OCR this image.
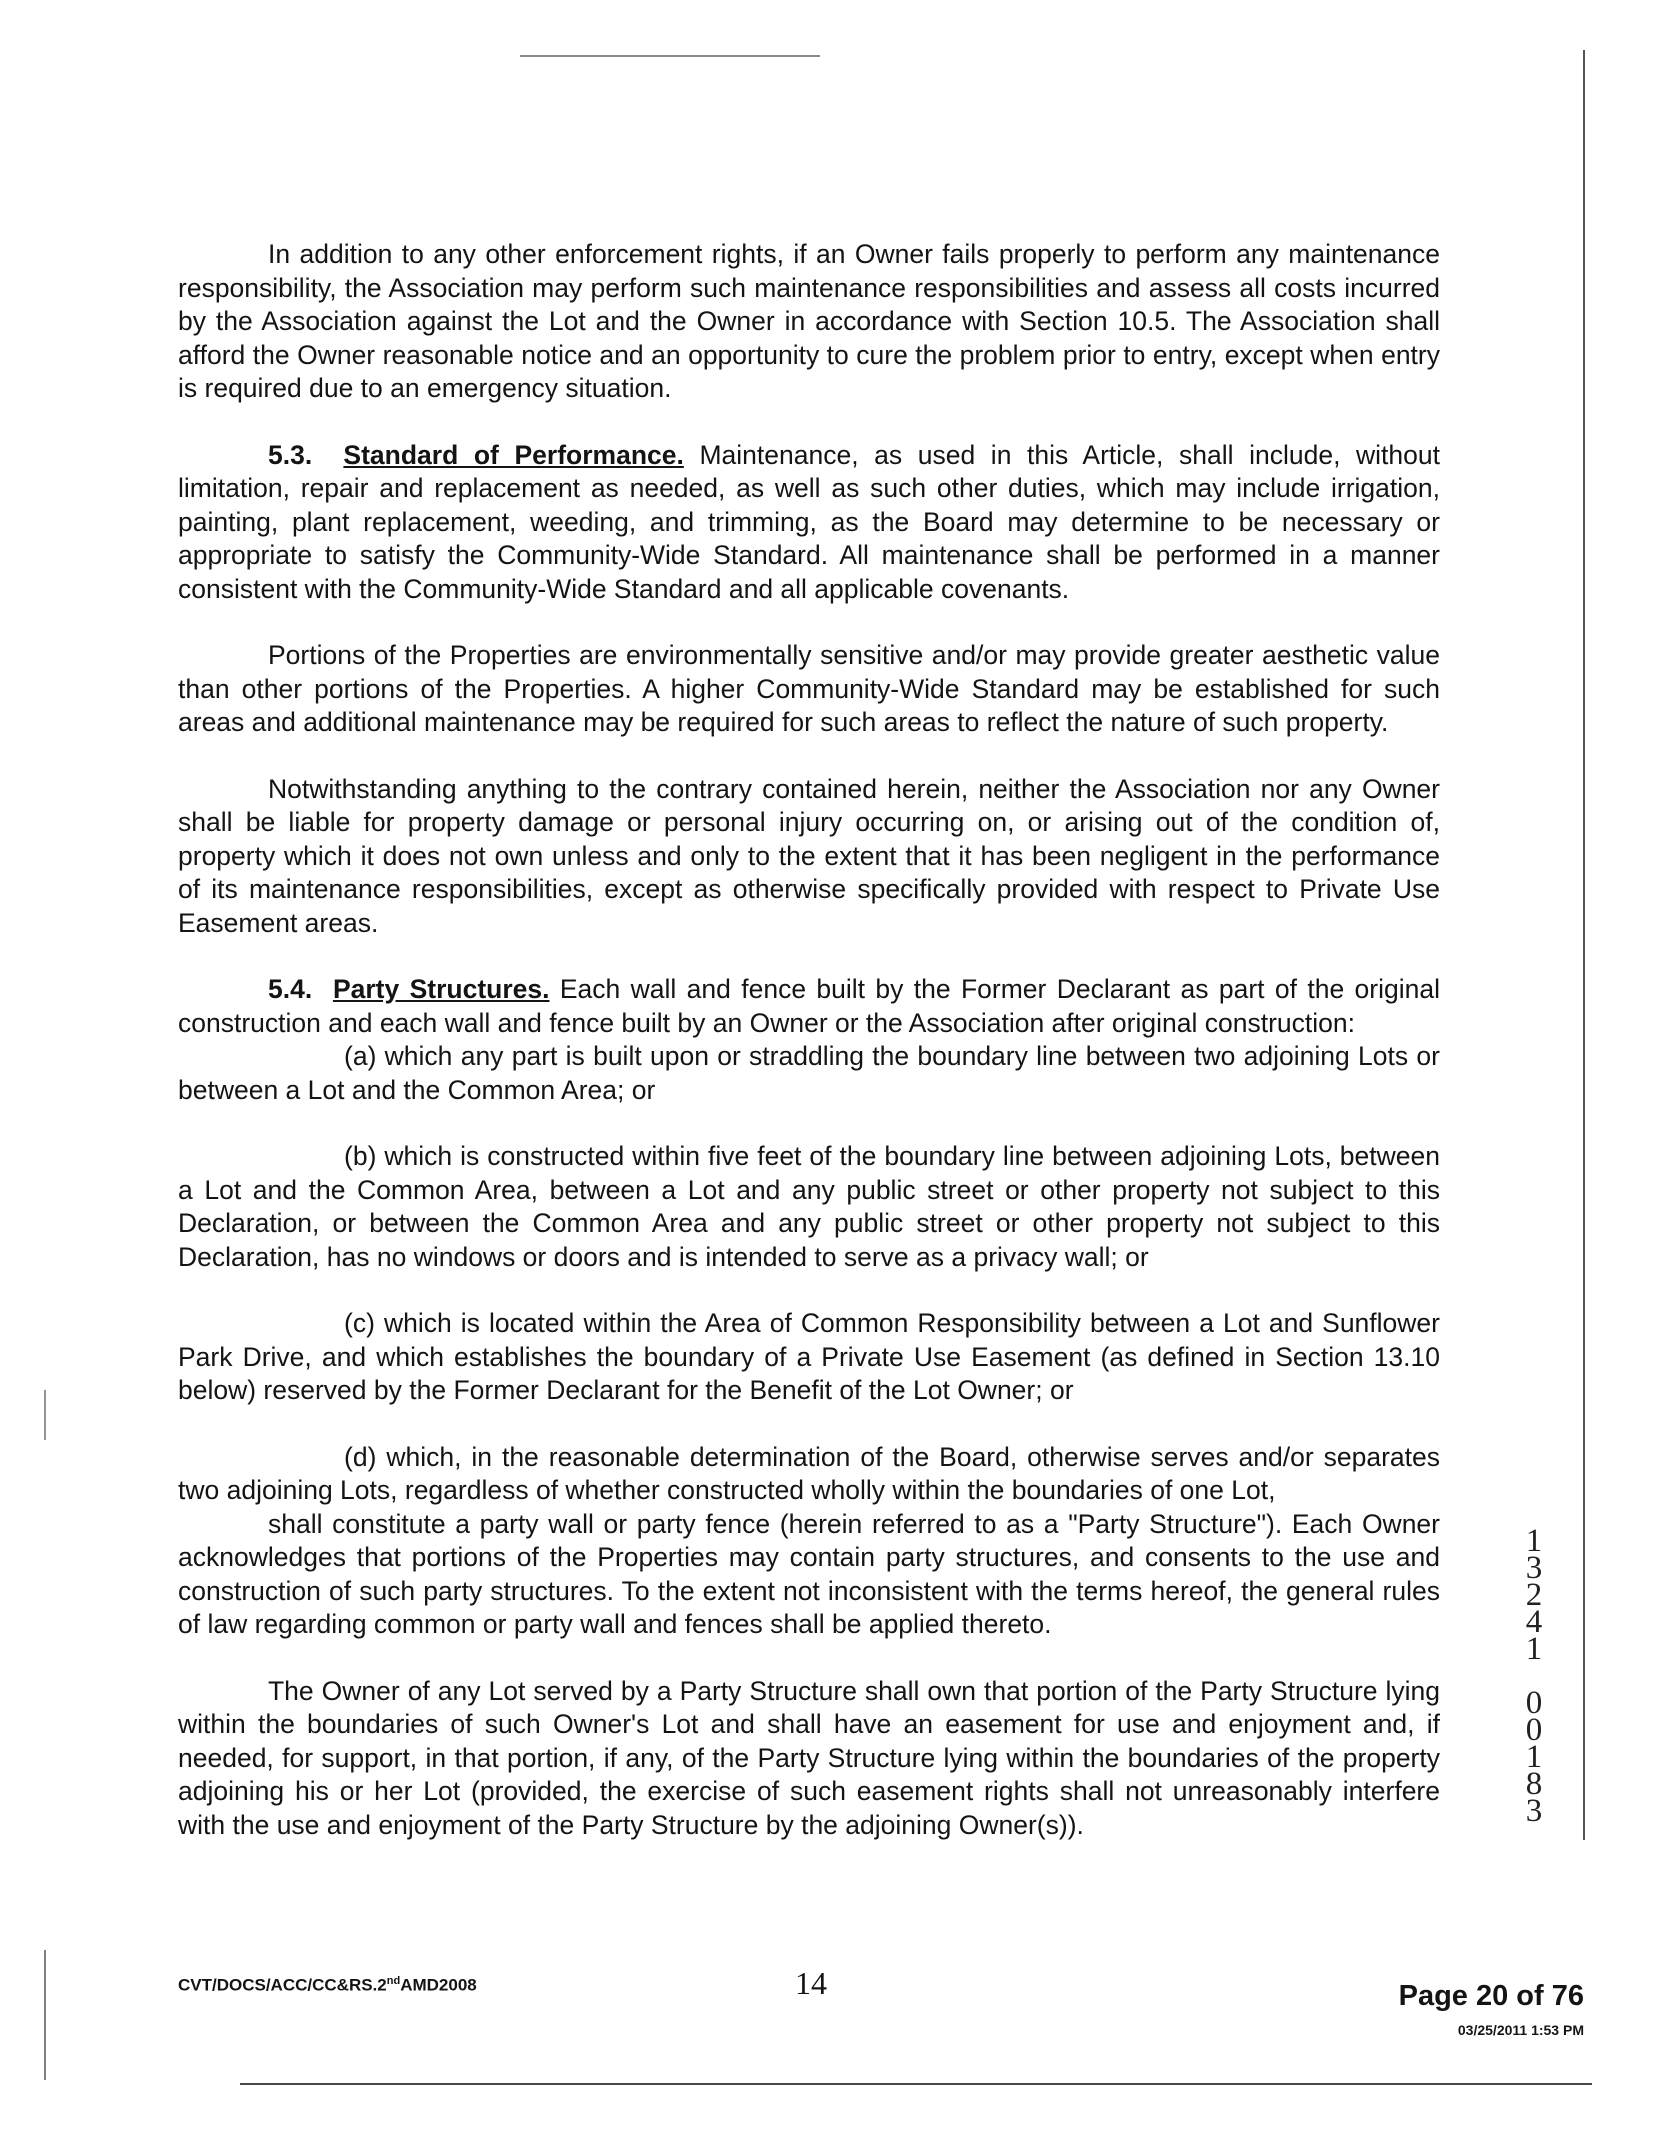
In addition to any other enforcement rights, if an Owner fails properly to perform any maintenance responsibility, the Association may perform such maintenance responsibilities and assess all costs incurred by the Association against the Lot and the Owner in accordance with Section 10.5. The Association shall afford the Owner reasonable notice and an opportunity to cure the problem prior to entry, except when entry is required due to an emergency situation.

5.3. Standard of Performance. Maintenance, as used in this Article, shall include, without limitation, repair and replacement as needed, as well as such other duties, which may include irrigation, painting, plant replacement, weeding, and trimming, as the Board may determine to be necessary or appropriate to satisfy the Community-Wide Standard. All maintenance shall be performed in a manner consistent with the Community-Wide Standard and all applicable covenants.

Portions of the Properties are environmentally sensitive and/or may provide greater aesthetic value than other portions of the Properties. A higher Community-Wide Standard may be established for such areas and additional maintenance may be required for such areas to reflect the nature of such property.

Notwithstanding anything to the contrary contained herein, neither the Association nor any Owner shall be liable for property damage or personal injury occurring on, or arising out of the condition of, property which it does not own unless and only to the extent that it has been negligent in the performance of its maintenance responsibilities, except as otherwise specifically provided with respect to Private Use Easement areas.

5.4. Party Structures. Each wall and fence built by the Former Declarant as part of the original construction and each wall and fence built by an Owner or the Association after original construction:

(a) which any part is built upon or straddling the boundary line between two adjoining Lots or between a Lot and the Common Area; or

(b) which is constructed within five feet of the boundary line between adjoining Lots, between a Lot and the Common Area, between a Lot and any public street or other property not subject to this Declaration, or between the Common Area and any public street or other property not subject to this Declaration, has no windows or doors and is intended to serve as a privacy wall; or

(c) which is located within the Area of Common Responsibility between a Lot and Sunflower Park Drive, and which establishes the boundary of a Private Use Easement (as defined in Section 13.10 below) reserved by the Former Declarant for the Benefit of the Lot Owner; or

(d) which, in the reasonable determination of the Board, otherwise serves and/or separates two adjoining Lots, regardless of whether constructed wholly within the boundaries of one Lot,

shall constitute a party wall or party fence (herein referred to as a "Party Structure"). Each Owner acknowledges that portions of the Properties may contain party structures, and consents to the use and construction of such party structures. To the extent not inconsistent with the terms hereof, the general rules of law regarding common or party wall and fences shall be applied thereto.

The Owner of any Lot served by a Party Structure shall own that portion of the Party Structure lying within the boundaries of such Owner's Lot and shall have an easement for use and enjoyment and, if needed, for support, in that portion, if any, of the Party Structure lying within the boundaries of the property adjoining his or her Lot (provided, the exercise of such easement rights shall not unreasonably interfere with the use and enjoyment of the Party Structure by the adjoining Owner(s)).

1
3
2
4
1

0
0
1
8
3
CVT/DOCS/ACC/CC&RS.2ndAMD2008	14	Page 20 of 76
03/25/2011 1:53 PM
